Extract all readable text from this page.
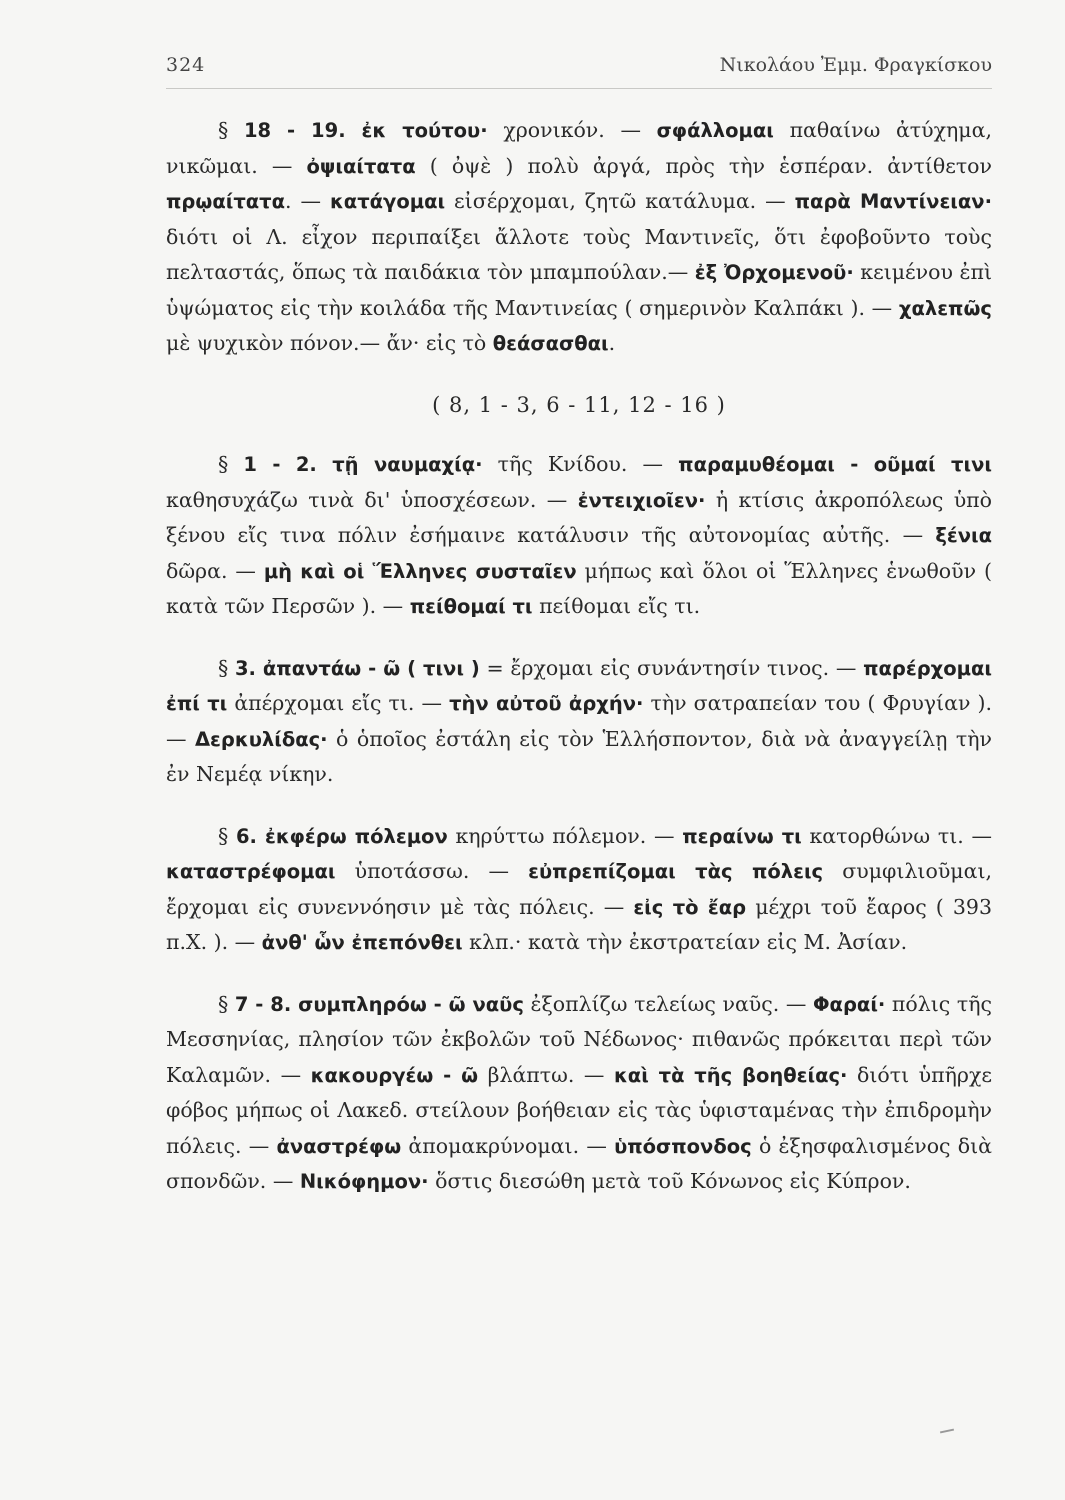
324	Νικολάου Ἐμμ. Φραγκίσκου
§ 18 - 19. ἐκ τούτου· χρονικόν. — σφάλλομαι παθαίνω ἀτύχημα, νικῶμαι. — ὀψιαίτατα ( ὀψὲ ) πολὺ ἀργά, πρὸς τὴν ἑσπέραν. ἀντίθετον πρῳαίτατα. — κατάγομαι εἰσέρχομαι, ζητῶ κατάλυμα. — παρὰ Μαντίνειαν· διότι οἱ Λ. εἶχον περιπαίξει ἄλλοτε τοὺς Μαντινεῖς, ὅτι ἐφοβοῦντο τοὺς πελταστάς, ὅπως τὰ παιδάκια τὸν μπαμπούλαν.— ἐξ Ὀρχομενοῦ· κειμένου ἐπὶ ὑψώματος εἰς τὴν κοιλάδα τῆς Μαντινείας ( σημερινὸν Καλπάκι ). — χαλεπῶς μὲ ψυχικὸν πόνον.— ἄν· εἰς τὸ θεάσασθαι.
( 8, 1 - 3, 6 - 11, 12 - 16 )
§ 1 - 2. τῇ ναυμαχίᾳ· τῆς Κνίδου. — παραμυθέομαι - οῦμαί τινι καθησυχάζω τινὰ δι' ὑποσχέσεων. — ἐντειχιοῖεν· ἡ κτίσις ἀκροπόλεως ὑπὸ ξένου εἴς τινα πόλιν ἐσήμαινε κατάλυσιν τῆς αὐτονομίας αὐτῆς. — ξένια δῶρα. — μὴ καὶ οἱ Ἕλληνες συσταῖεν μήπως καὶ ὅλοι οἱ Ἕλληνες ἑνωθοῦν ( κατὰ τῶν Περσῶν ). — πείθομαί τι πείθομαι εἴς τι.
§ 3. ἀπαντάω - ῶ ( τινι ) = ἔρχομαι εἰς συνάντησίν τινος. — παρέρχομαι ἐπί τι ἀπέρχομαι εἴς τι. — τὴν αὐτοῦ ἀρχήν· τὴν σατραπείαν του ( Φρυγίαν ). — Δερκυλίδας· ὁ ὁποῖος ἐστάλη εἰς τὸν Ἑλλήσποντον, διὰ νὰ ἀναγγείλῃ τὴν ἐν Νεμέᾳ νίκην.
§ 6. ἐκφέρω πόλεμον κηρύττω πόλεμον. — περαίνω τι κατορθώνω τι. — καταστρέφομαι ὑποτάσσω. — εὐπρεπίζομαι τὰς πόλεις συμφιλιοῦμαι, ἔρχομαι εἰς συνεννόησιν μὲ τὰς πόλεις. — εἰς τὸ ἔαρ μέχρι τοῦ ἔαρος ( 393 π.Χ. ). — ἀνθ' ὧν ἐπεπόνθει κλπ.· κατὰ τὴν ἐκστρατείαν εἰς Μ. Ἀσίαν.
§ 7 - 8. συμπληρόω - ῶ ναῦς ἐξοπλίζω τελείως ναῦς. — Φαραί· πόλις τῆς Μεσσηνίας, πλησίον τῶν ἐκβολῶν τοῦ Νέδωνος· πιθανῶς πρόκειται περὶ τῶν Καλαμῶν. — κακουργέω - ῶ βλάπτω. — καὶ τὰ τῆς βοηθείας· διότι ὑπῆρχε φόβος μήπως οἱ Λακεδ. στείλουν βοήθειαν εἰς τὰς ὑφισταμένας τὴν ἐπιδρομὴν πόλεις. — ἀναστρέφω ἀπομακρύνομαι. — ὑπόσπονδος ὁ ἐξησφαλισμένος διὰ σπονδῶν. — Νικόφημον· ὅστις διεσώθη μετὰ τοῦ Κόνωνος εἰς Κύπρον.
